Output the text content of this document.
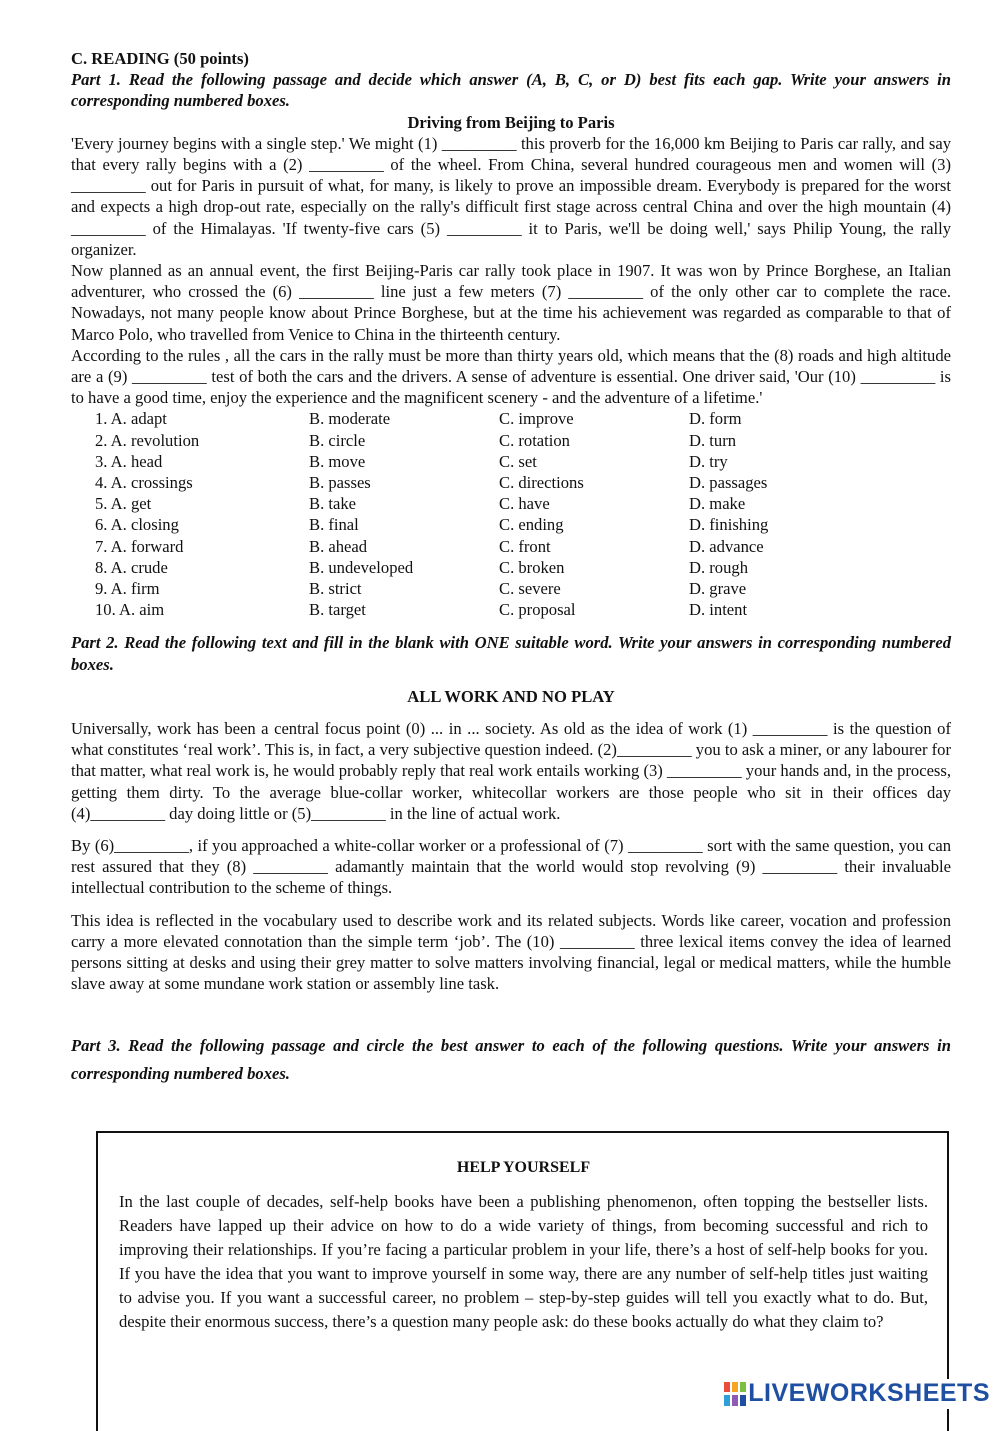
C. READING (50 points)

Part 1. Read the following passage and decide which answer (A, B, C, or D) best fits each gap. Write your answers in corresponding numbered boxes.

Driving from Beijing to Paris

'Every journey begins with a single step.' We might (1) _________ this proverb for the 16,000 km Beijing to Paris car rally, and say that every rally begins with a (2) _________ of the wheel. From China, several hundred courageous men and women will (3) _________ out for Paris in pursuit of what, for many, is likely to prove an impossible dream. Everybody is prepared for the worst and expects a high drop-out rate, especially on the rally's difficult first stage across central China and over the high mountain (4) _________ of the Himalayas. 'If twenty-five cars (5) _________ it to Paris, we'll be doing well,' says Philip Young, the rally organizer.

Now planned as an annual event, the first Beijing-Paris car rally took place in 1907. It was won by Prince Borghese, an Italian adventurer, who crossed the (6) _________ line just a few meters (7) _________ of the only other car to complete the race. Nowadays, not many people know about Prince Borghese, but at the time his achievement was regarded as comparable to that of Marco Polo, who travelled from Venice to China in the thirteenth century.

According to the rules , all the cars in the rally must be more than thirty years old, which means that the (8) roads and high altitude are a (9) _________ test of both the cars and the drivers. A sense of adventure is essential. One driver said, 'Our (10) _________ is to have a good time, enjoy the experience and the magnificent scenery - and the adventure of a lifetime.'

1. A. adapt	B. moderate	C. improve	D. form
2. A. revolution	B. circle	C. rotation	D. turn
3. A. head	B. move	C. set	D. try
4. A. crossings	B. passes	C. directions	D. passages
5. A. get	B. take	C. have	D. make
6. A. closing	B. final	C. ending	D. finishing
7. A. forward	B. ahead	C. front	D. advance
8. A. crude	B. undeveloped	C. broken	D. rough
9. A. firm	B. strict	C. severe	D. grave
10. A. aim	B. target	C. proposal	D. intent

Part 2. Read the following text and fill in the blank with ONE suitable word. Write your answers in corresponding numbered boxes.

ALL WORK AND NO PLAY

Universally, work has been a central focus point (0) ... in ... society. As old as the idea of work (1) _________ is the question of what constitutes ‘real work’. This is, in fact, a very subjective question indeed. (2)_________ you to ask a miner, or any labourer for that matter, what real work is, he would probably reply that real work entails working (3) _________ your hands and, in the process, getting them dirty. To the average blue-collar worker, whitecollar workers are those people who sit in their offices day (4)_________ day doing little or (5)_________ in the line of actual work.

By (6)_________, if you approached a white-collar worker or a professional of (7) _________ sort with the same question, you can rest assured that they (8) _________ adamantly maintain that the world would stop revolving (9) _________ their invaluable intellectual contribution to the scheme of things.

This idea is reflected in the vocabulary used to describe work and its related subjects. Words like career, vocation and profession carry a more elevated connotation than the simple term ‘job’. The (10) _________ three lexical items convey the idea of learned persons sitting at desks and using their grey matter to solve matters involving financial, legal or medical matters, while the humble slave away at some mundane work station or assembly line task.

Part 3. Read the following passage and circle the best answer to each of the following questions. Write your answers in corresponding numbered boxes.

HELP YOURSELF

In the last couple of decades, self-help books have been a publishing phenomenon, often topping the bestseller lists. Readers have lapped up their advice on how to do a wide variety of things, from becoming successful and rich to improving their relationships. If you’re facing a particular problem in your life, there’s a host of self-help books for you. If you have the idea that you want to improve yourself in some way, there are any number of self-help titles just waiting to advise you. If you want a successful career, no problem – step-by-step guides will tell you exactly what to do. But, despite their enormous success, there’s a question many people ask: do these books actually do what they claim to?

LIVEWORKSHEETS
